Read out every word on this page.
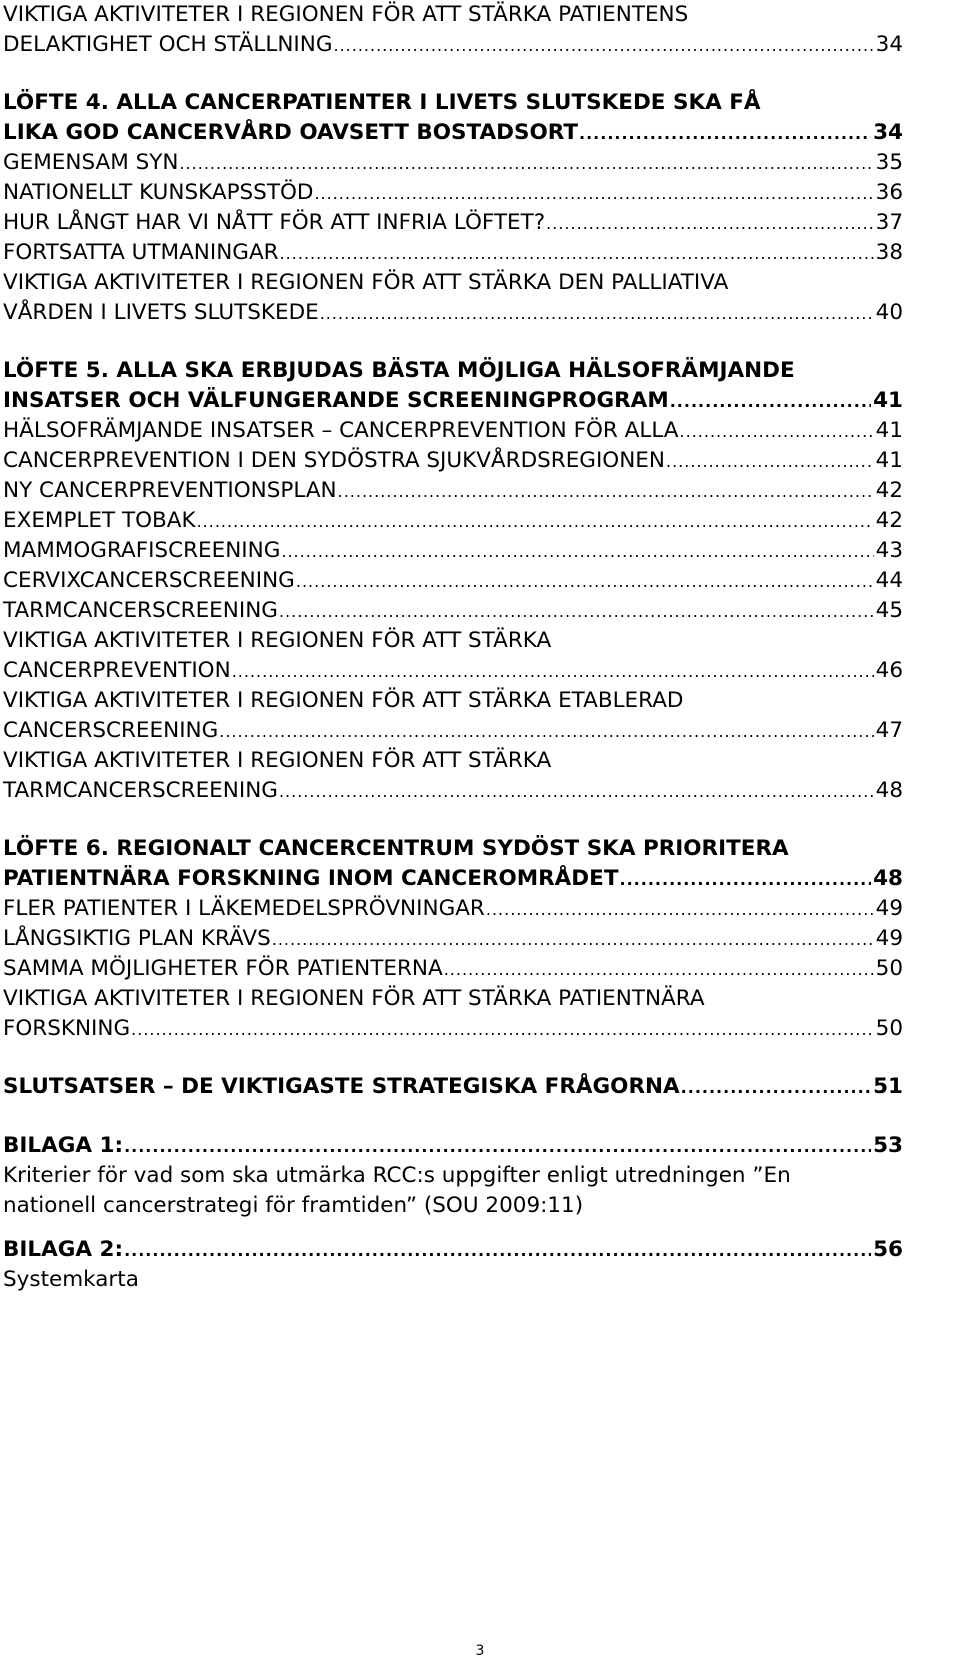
VIKTIGA AKTIVITETER I REGIONEN FÖR ATT STÄRKA PATIENTENS
DELAKTIGHET OCH STÄLLNING .....	34
LÖFTE 4. ALLA CANCERPATIENTER I LIVETS SLUTSKEDE SKA FÅ
LIKA GOD CANCERVÅRD OAVSETT BOSTADSORT .....	34
GEMENSAM SYN .....	35
NATIONELLT KUNSKAPSSTÖD .....	36
HUR LÅNGT HAR VI NÅTT FÖR ATT INFRIA LÖFTET? .....	37
FORTSATTA UTMANINGAR .....	38
VIKTIGA AKTIVITETER I REGIONEN FÖR ATT STÄRKA DEN PALLIATIVA
VÅRDEN I LIVETS SLUTSKEDE .....	40
LÖFTE 5. ALLA SKA ERBJUDAS BÄSTA MÖJLIGA HÄLSOFRÄMJANDE
INSATSER OCH VÄLFUNGERANDE SCREENINGPROGRAM .....	41
HÄLSOFRÄMJANDE INSATSER – CANCERPREVENTION FÖR ALLA .....	41
CANCERPREVENTION I DEN SYDÖSTRA SJUKVÅRDSREGIONEN .....	41
NY CANCERPREVENTIONSPLAN .....	42
EXEMPLET TOBAK .....	42
MAMMOGRAFISCREENING .....	43
CERVIXCANCERSCREENING .....	44
TARMCANCERSCREENING .....	45
VIKTIGA AKTIVITETER I REGIONEN FÖR ATT STÄRKA
CANCERPREVENTION .....	46
VIKTIGA AKTIVITETER I REGIONEN FÖR ATT STÄRKA ETABLERAD
CANCERSCREENING .....	47
VIKTIGA AKTIVITETER I REGIONEN FÖR ATT STÄRKA
TARMCANCERSCREENING .....	48
LÖFTE 6. REGIONALT CANCERCENTRUM SYDÖST SKA PRIORITERA
PATIENTNÄRA FORSKNING INOM CANCEROMRÅDET .....	48
FLER PATIENTER I LÄKEMEDELSPRÖVNINGAR .....	49
LÅNGSIKTIG PLAN KRÄVS .....	49
SAMMA MÖJLIGHETER FÖR PATIENTERNA .....	50
VIKTIGA AKTIVITETER I REGIONEN FÖR ATT STÄRKA PATIENTNÄRA
FORSKNING .....	50
SLUTSATSER – DE VIKTIGASTE STRATEGISKA FRÅGORNA .....	51
BILAGA 1: .....	53
Kriterier för vad som ska utmärka RCC:s uppgifter enligt utredningen ”En
nationell cancerstrategi för framtiden” (SOU 2009:11)
BILAGA 2: .....	56
Systemkarta
3
